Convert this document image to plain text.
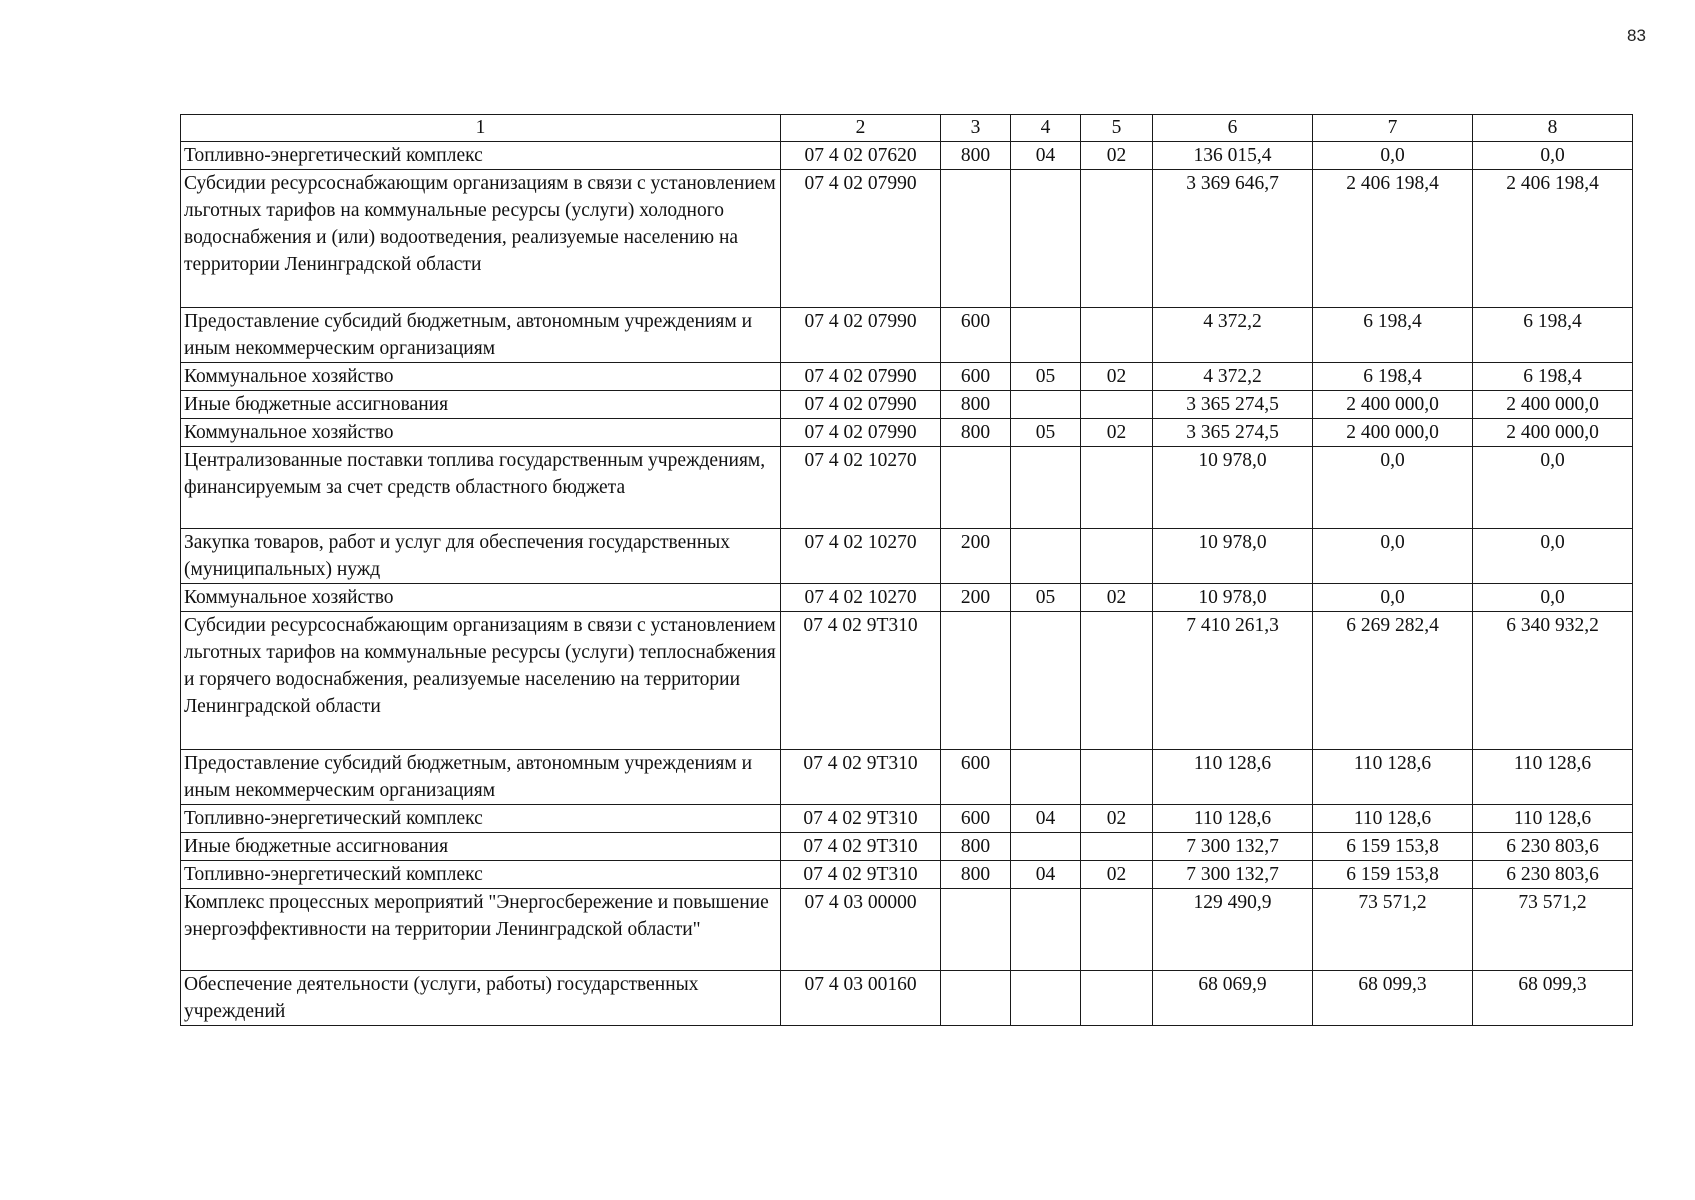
83
1	2	3	4	5	6	7	8
Топливно-энергетический комплекс	07 4 02 07620	800	04	02	136 015,4	0,0	0,0
Субсидии ресурсоснабжающим организациям в связи с установлением льготных тарифов на коммунальные ресурсы (услуги) холодного водоснабжения и (или) водоотведения, реализуемые населению на территории Ленинградской области	07 4 02 07990				3 369 646,7	2 406 198,4	2 406 198,4
Предоставление субсидий бюджетным, автономным учреждениям и иным некоммерческим организациям	07 4 02 07990	600			4 372,2	6 198,4	6 198,4
Коммунальное хозяйство	07 4 02 07990	600	05	02	4 372,2	6 198,4	6 198,4
Иные бюджетные ассигнования	07 4 02 07990	800			3 365 274,5	2 400 000,0	2 400 000,0
Коммунальное хозяйство	07 4 02 07990	800	05	02	3 365 274,5	2 400 000,0	2 400 000,0
Централизованные поставки топлива государственным учреждениям, финансируемым за счет средств областного бюджета	07 4 02 10270				10 978,0	0,0	0,0
Закупка товаров, работ и услуг для обеспечения государственных (муниципальных) нужд	07 4 02 10270	200			10 978,0	0,0	0,0
Коммунальное хозяйство	07 4 02 10270	200	05	02	10 978,0	0,0	0,0
Субсидии ресурсоснабжающим организациям в связи с установлением льготных тарифов на коммунальные ресурсы (услуги) теплоснабжения и горячего водоснабжения, реализуемые населению на территории Ленинградской области	07 4 02 9Т310				7 410 261,3	6 269 282,4	6 340 932,2
Предоставление субсидий бюджетным, автономным учреждениям и иным некоммерческим организациям	07 4 02 9Т310	600			110 128,6	110 128,6	110 128,6
Топливно-энергетический комплекс	07 4 02 9Т310	600	04	02	110 128,6	110 128,6	110 128,6
Иные бюджетные ассигнования	07 4 02 9Т310	800			7 300 132,7	6 159 153,8	6 230 803,6
Топливно-энергетический комплекс	07 4 02 9Т310	800	04	02	7 300 132,7	6 159 153,8	6 230 803,6
Комплекс процессных мероприятий "Энергосбережение и повышение энергоэффективности на территории Ленинградской области"	07 4 03 00000				129 490,9	73 571,2	73 571,2
Обеспечение деятельности (услуги, работы) государственных учреждений	07 4 03 00160				68 069,9	68 099,3	68 099,3
